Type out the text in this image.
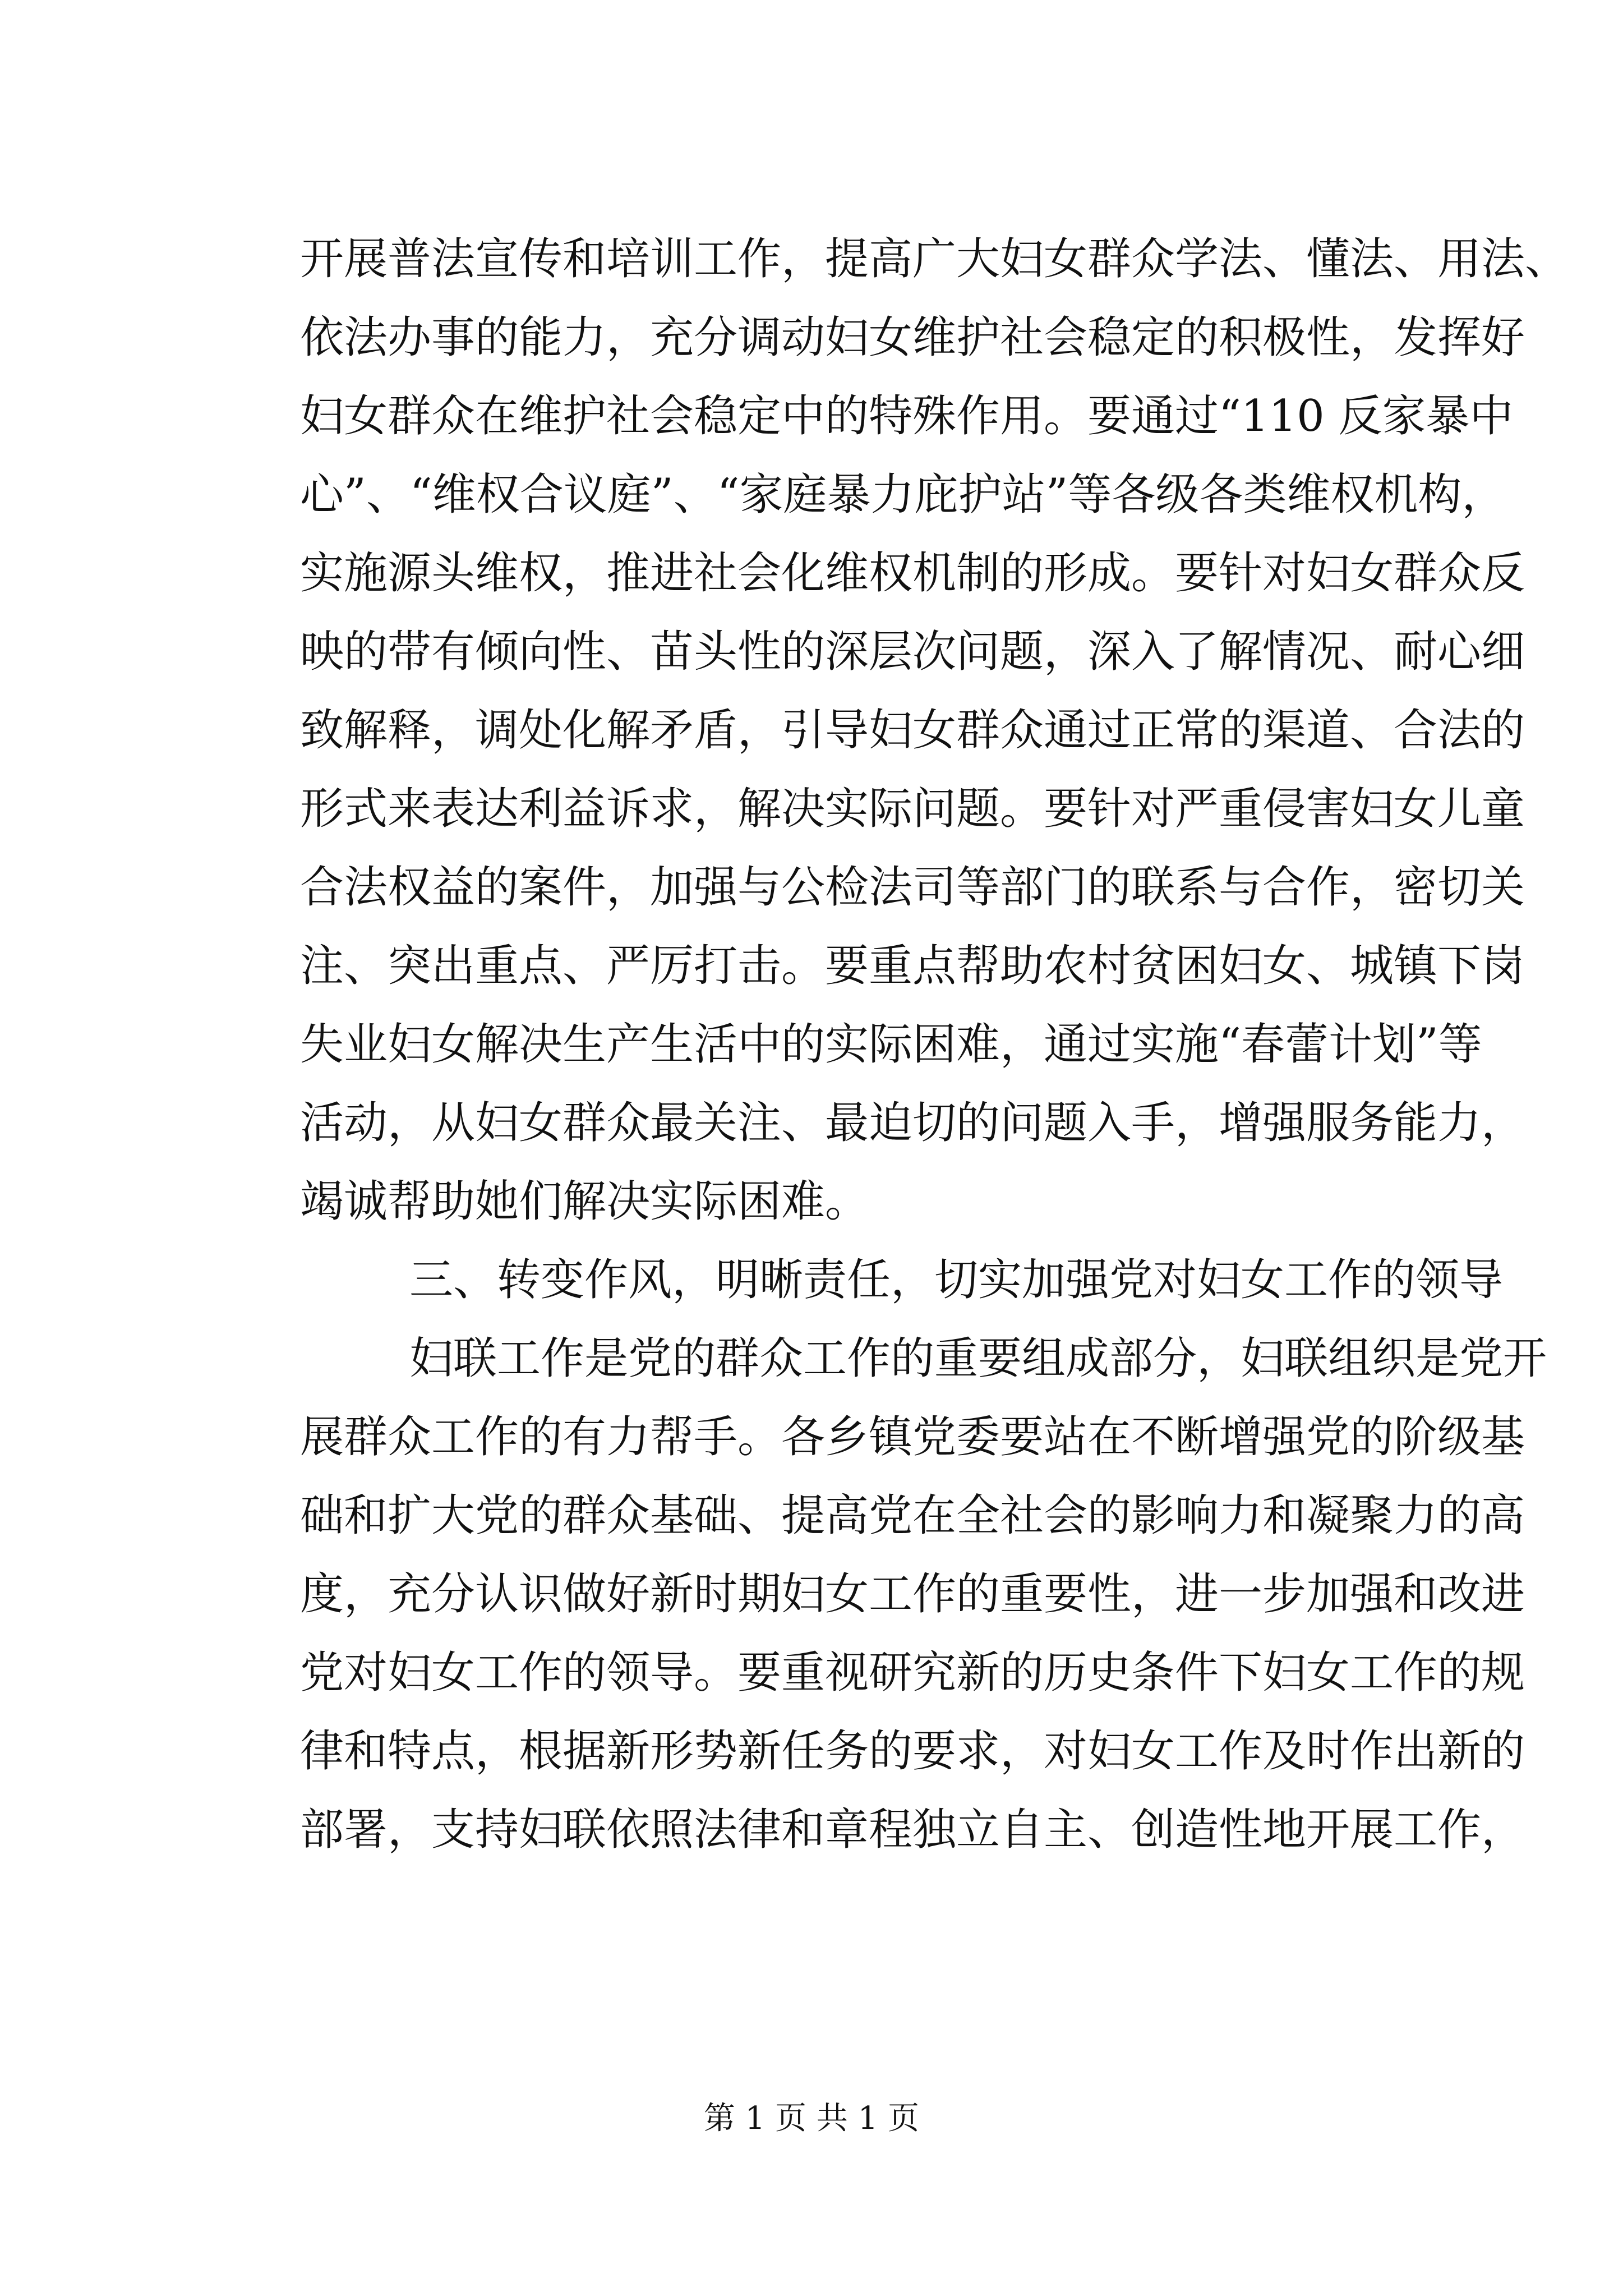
开展普法宣传和培训工作，提高广大妇女群众学法、懂法、用法、
依法办事的能力，充分调动妇女维护社会稳定的积极性，发挥好
妇女群众在维护社会稳定中的特殊作用。要通过“110 反家暴中
心”、“维权合议庭”、“家庭暴力庇护站”等各级各类维权机构，
实施源头维权，推进社会化维权机制的形成。要针对妇女群众反
映的带有倾向性、苗头性的深层次问题，深入了解情况、耐心细
致解释，调处化解矛盾，引导妇女群众通过正常的渠道、合法的
形式来表达利益诉求，解决实际问题。要针对严重侵害妇女儿童
合法权益的案件，加强与公检法司等部门的联系与合作，密切关
注、突出重点、严厉打击。要重点帮助农村贫困妇女、城镇下岗
失业妇女解决生产生活中的实际困难，通过实施“春蕾计划”等
活动，从妇女群众最关注、最迫切的问题入手，增强服务能力，
竭诚帮助她们解决实际困难。
三、转变作风，明晰责任，切实加强党对妇女工作的领导
妇联工作是党的群众工作的重要组成部分，妇联组织是党开
展群众工作的有力帮手。各乡镇党委要站在不断增强党的阶级基
础和扩大党的群众基础、提高党在全社会的影响力和凝聚力的高
度，充分认识做好新时期妇女工作的重要性，进一步加强和改进
党对妇女工作的领导。要重视研究新的历史条件下妇女工作的规
律和特点，根据新形势新任务的要求，对妇女工作及时作出新的
部署，支持妇联依照法律和章程独立自主、创造性地开展工作，
第 1 页 共 1 页
